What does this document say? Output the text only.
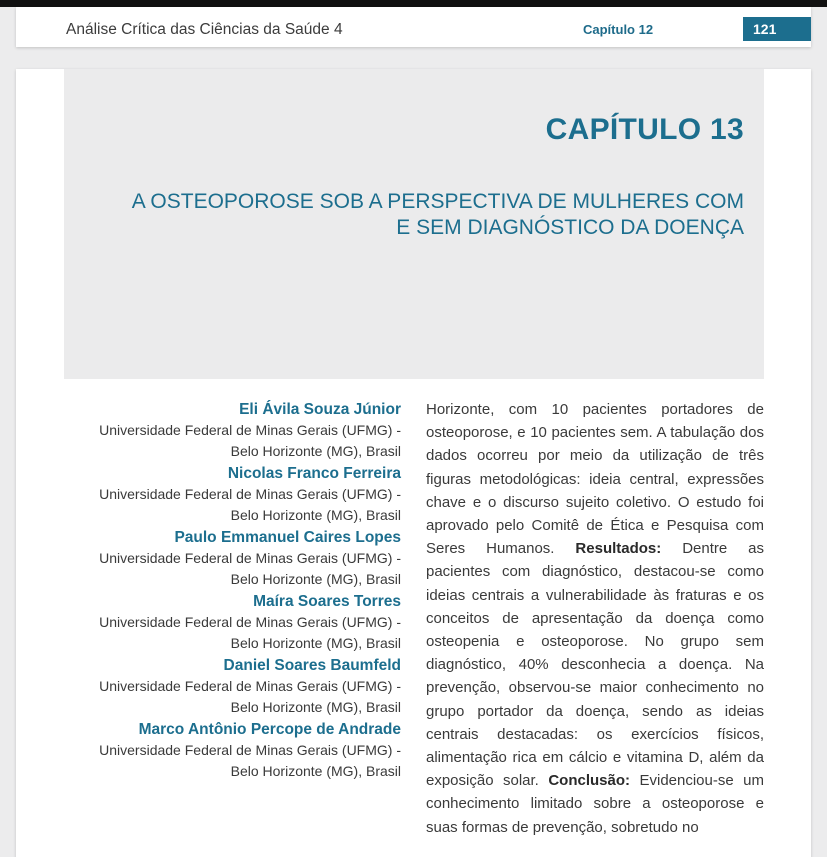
Análise Crítica das Ciências da Saúde 4	Capítulo 12	121
CAPÍTULO 13
A OSTEOPOROSE SOB A PERSPECTIVA DE MULHERES COM E SEM DIAGNÓSTICO DA DOENÇA
Eli Ávila Souza Júnior
Universidade Federal de Minas Gerais (UFMG) -
Belo Horizonte (MG), Brasil
Nicolas Franco Ferreira
Universidade Federal de Minas Gerais (UFMG) -
Belo Horizonte (MG), Brasil
Paulo Emmanuel Caires Lopes
Universidade Federal de Minas Gerais (UFMG) -
Belo Horizonte (MG), Brasil
Maíra Soares Torres
Universidade Federal de Minas Gerais (UFMG) -
Belo Horizonte (MG), Brasil
Daniel Soares Baumfeld
Universidade Federal de Minas Gerais (UFMG) -
Belo Horizonte (MG), Brasil
Marco Antônio Percope de Andrade
Universidade Federal de Minas Gerais (UFMG) -
Belo Horizonte (MG), Brasil
Horizonte, com 10 pacientes portadores de osteoporose, e 10 pacientes sem. A tabulação dos dados ocorreu por meio da utilização de três figuras metodológicas: ideia central, expressões chave e o discurso sujeito coletivo. O estudo foi aprovado pelo Comitê de Ética e Pesquisa com Seres Humanos. Resultados: Dentre as pacientes com diagnóstico, destacou-se como ideias centrais a vulnerabilidade às fraturas e os conceitos de apresentação da doença como osteopenia e osteoporose. No grupo sem diagnóstico, 40% desconhecia a doença. Na prevenção, observou-se maior conhecimento no grupo portador da doença, sendo as ideias centrais destacadas: os exercícios físicos, alimentação rica em cálcio e vitamina D, além da exposição solar. Conclusão: Evidenciou-se um conhecimento limitado sobre a osteoporose e suas formas de prevenção, sobretudo no
